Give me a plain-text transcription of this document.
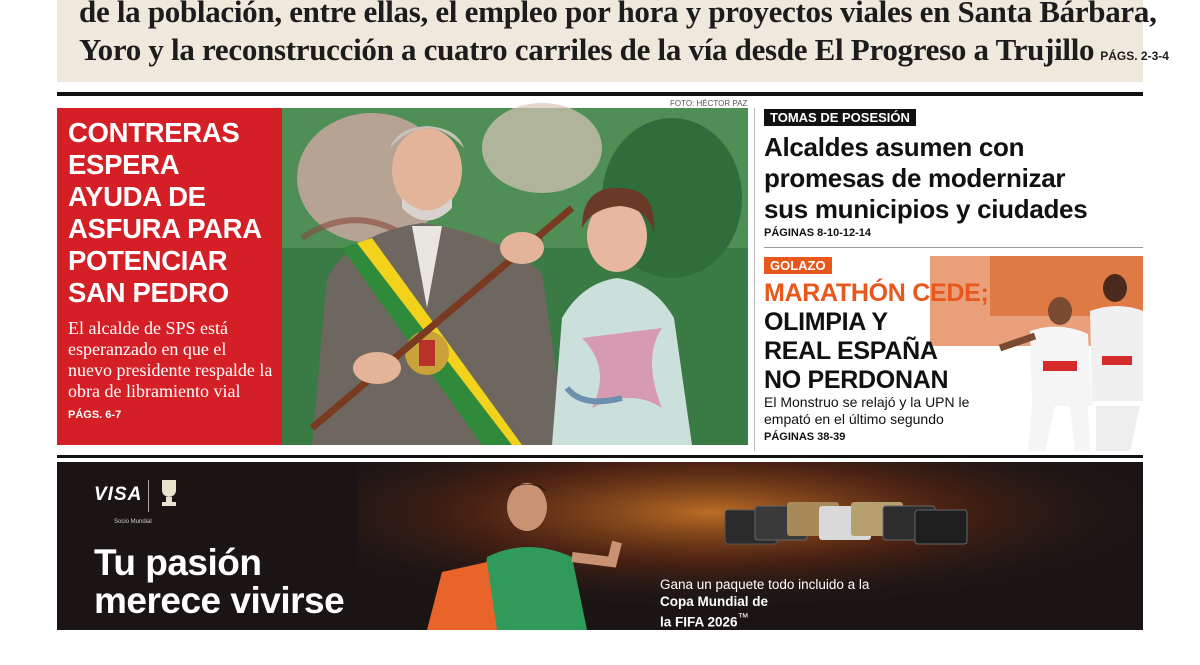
de la población, entre ellas, el empleo por hora y proyectos viales en Santa Bárbara,
Yoro y la reconstrucción a cuatro carriles de la vía desde El Progreso a Trujillo PÁGS. 2-3-4
CONTRERAS
ESPERA
AYUDA DE
ASFURA PARA
POTENCIAR
SAN PEDRO
El alcalde de SPS está esperanzado en que el nuevo presidente respalde la obra de libramiento vial PÁGS. 6-7
FOTO: HÉCTOR PAZ
TOMAS DE POSESIÓN
Alcaldes asumen con
promesas de modernizar
sus municipios y ciudades
PÁGINAS 8-10-12-14
GOLAZO
MARATHÓN CEDE;
OLIMPIA Y
REAL ESPAÑA
NO PERDONAN
El Monstruo se relajó y la UPN le empató en el último segundo
PÁGINAS 38-39
VISA
Socio Mundial
Tu pasión
merece vivirse	Gana un paquete todo incluido a la
Copa Mundial de
la FIFA 2026™
con tus tarjetas de débito y crédito Visa
de Banco de Occidente gracias a Visa.
